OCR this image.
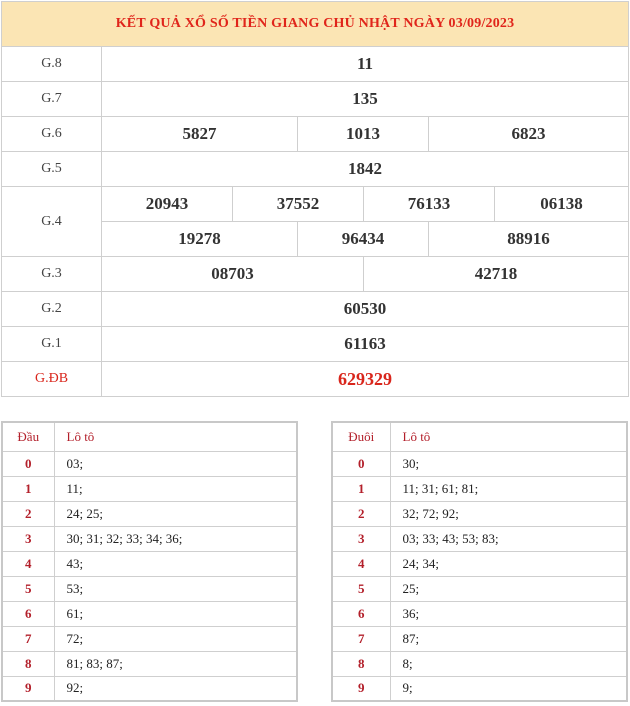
KẾT QUẢ XỔ SỐ TIỀN GIANG CHỦ NHẬT NGÀY 03/09/2023						
G.8	11					
G.7	135					
G.6	5827		1013		6823	
G.5	1842					
G.4	20943	37552		76133		06138
	19278		96434		88916	
G.3	08703			42718		
G.2	60530					
G.1	61163					
G.ĐB	629329					
Đầu	Lô tô
0	03;
1	11;
2	24; 25;
3	30; 31; 32; 33; 34; 36;
4	43;
5	53;
6	61;
7	72;
8	81; 83; 87;
9	92;
Đuôi	Lô tô
0	30;
1	11; 31; 61; 81;
2	32; 72; 92;
3	03; 33; 43; 53; 83;
4	24; 34;
5	25;
6	36;
7	87;
8	8;
9	9;
